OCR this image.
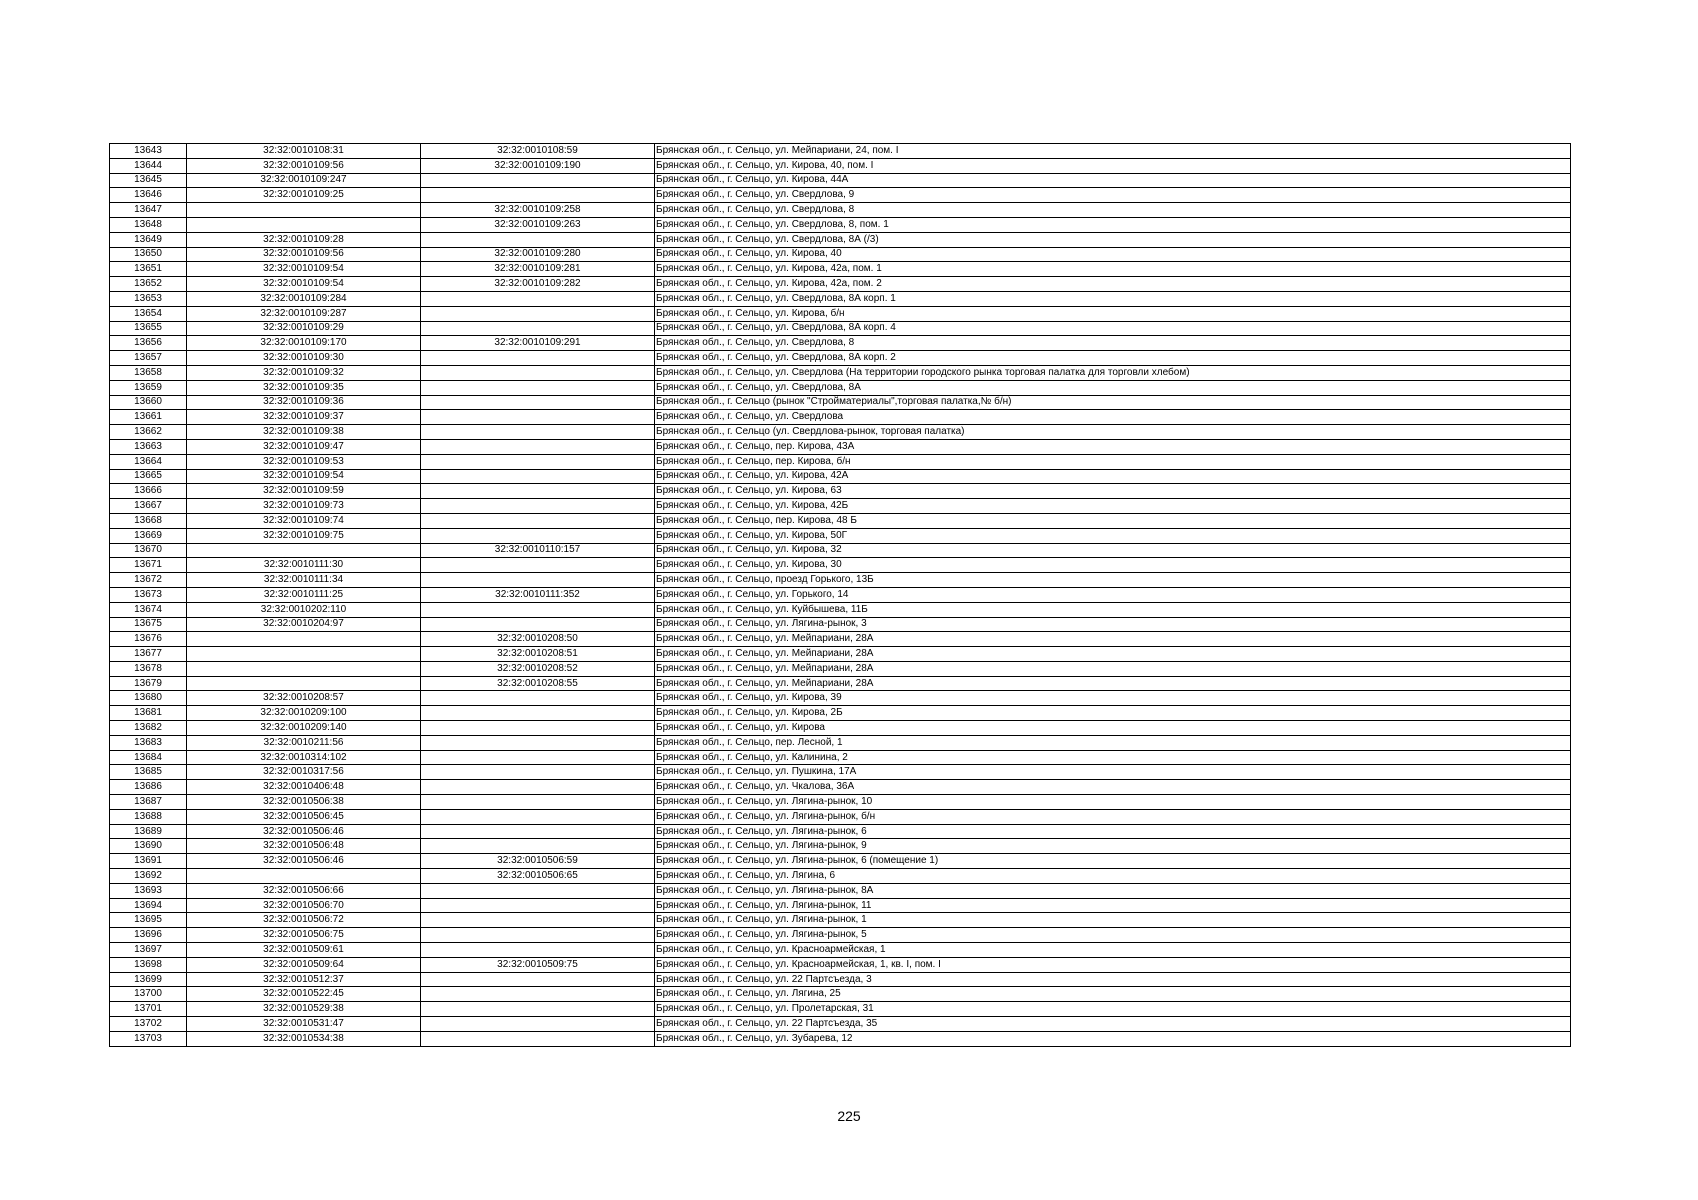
13643	32:32:0010108:31	32:32:0010108:59	Брянская обл., г. Сельцо, ул. Мейпариани, 24, пом. I
13644	32:32:0010109:56	32:32:0010109:190	Брянская обл., г. Сельцо, ул. Кирова, 40, пом. I
13645	32:32:0010109:247		Брянская обл., г. Сельцо, ул. Кирова, 44А
13646	32:32:0010109:25		Брянская обл., г. Сельцо, ул. Свердлова, 9
13647		32:32:0010109:258	Брянская обл., г. Сельцо, ул. Свердлова, 8
13648		32:32:0010109:263	Брянская обл., г. Сельцо, ул. Свердлова, 8, пом. 1
13649	32:32:0010109:28		Брянская обл., г. Сельцо, ул. Свердлова, 8А (/3)
13650	32:32:0010109:56	32:32:0010109:280	Брянская обл., г. Сельцо, ул. Кирова, 40
13651	32:32:0010109:54	32:32:0010109:281	Брянская обл., г. Сельцо, ул. Кирова, 42а, пом. 1
13652	32:32:0010109:54	32:32:0010109:282	Брянская обл., г. Сельцо, ул. Кирова, 42а, пом. 2
13653	32:32:0010109:284		Брянская обл., г. Сельцо, ул. Свердлова, 8А корп. 1
13654	32:32:0010109:287		Брянская обл., г. Сельцо, ул. Кирова, б/н
13655	32:32:0010109:29		Брянская обл., г. Сельцо, ул. Свердлова, 8А корп. 4
13656	32:32:0010109:170	32:32:0010109:291	Брянская обл., г. Сельцо, ул. Свердлова, 8
13657	32:32:0010109:30		Брянская обл., г. Сельцо, ул. Свердлова, 8А корп. 2
13658	32:32:0010109:32		Брянская обл., г. Сельцо, ул. Свердлова (На территории городского рынка торговая палатка для торговли хлебом)
13659	32:32:0010109:35		Брянская обл., г. Сельцо, ул. Свердлова, 8А
13660	32:32:0010109:36		Брянская обл., г. Сельцо (рынок "Стройматериалы",торговая палатка,№ б/н)
13661	32:32:0010109:37		Брянская обл., г. Сельцо, ул. Свердлова
13662	32:32:0010109:38		Брянская обл., г. Сельцо (ул. Свердлова-рынок, торговая палатка)
13663	32:32:0010109:47		Брянская обл., г. Сельцо, пер. Кирова, 43А
13664	32:32:0010109:53		Брянская обл., г. Сельцо, пер. Кирова, б/н
13665	32:32:0010109:54		Брянская обл., г. Сельцо, ул. Кирова, 42А
13666	32:32:0010109:59		Брянская обл., г. Сельцо, ул. Кирова, 63
13667	32:32:0010109:73		Брянская обл., г. Сельцо, ул. Кирова, 42Б
13668	32:32:0010109:74		Брянская обл., г. Сельцо, пер. Кирова, 48 Б
13669	32:32:0010109:75		Брянская обл., г. Сельцо, ул. Кирова, 50Г
13670		32:32:0010110:157	Брянская обл., г. Сельцо, ул. Кирова, 32
13671	32:32:0010111:30		Брянская обл., г. Сельцо, ул. Кирова, 30
13672	32:32:0010111:34		Брянская обл., г. Сельцо, проезд Горького, 13Б
13673	32:32:0010111:25	32:32:0010111:352	Брянская обл., г. Сельцо, ул. Горького, 14
13674	32:32:0010202:110		Брянская обл., г. Сельцо, ул. Куйбышева, 11Б
13675	32:32:0010204:97		Брянская обл., г. Сельцо, ул. Лягина-рынок, 3
13676		32:32:0010208:50	Брянская обл., г. Сельцо, ул. Мейпариани, 28А
13677		32:32:0010208:51	Брянская обл., г. Сельцо, ул. Мейпариани, 28А
13678		32:32:0010208:52	Брянская обл., г. Сельцо, ул. Мейпариани, 28А
13679		32:32:0010208:55	Брянская обл., г. Сельцо, ул. Мейпариани, 28А
13680	32:32:0010208:57		Брянская обл., г. Сельцо, ул. Кирова, 39
13681	32:32:0010209:100		Брянская обл., г. Сельцо, ул. Кирова, 2Б
13682	32:32:0010209:140		Брянская обл., г. Сельцо, ул. Кирова
13683	32:32:0010211:56		Брянская обл., г. Сельцо, пер. Лесной, 1
13684	32:32:0010314:102		Брянская обл., г. Сельцо, ул. Калинина, 2
13685	32:32:0010317:56		Брянская обл., г. Сельцо, ул. Пушкина, 17А
13686	32:32:0010406:48		Брянская обл., г. Сельцо, ул. Чкалова, 36А
13687	32:32:0010506:38		Брянская обл., г. Сельцо, ул. Лягина-рынок, 10
13688	32:32:0010506:45		Брянская обл., г. Сельцо, ул. Лягина-рынок, б/н
13689	32:32:0010506:46		Брянская обл., г. Сельцо, ул. Лягина-рынок, 6
13690	32:32:0010506:48		Брянская обл., г. Сельцо, ул. Лягина-рынок, 9
13691	32:32:0010506:46	32:32:0010506:59	Брянская обл., г. Сельцо, ул. Лягина-рынок, 6 (помещение 1)
13692		32:32:0010506:65	Брянская обл., г. Сельцо, ул. Лягина, 6
13693	32:32:0010506:66		Брянская обл., г. Сельцо, ул. Лягина-рынок, 8А
13694	32:32:0010506:70		Брянская обл., г. Сельцо, ул. Лягина-рынок, 11
13695	32:32:0010506:72		Брянская обл., г. Сельцо, ул. Лягина-рынок, 1
13696	32:32:0010506:75		Брянская обл., г. Сельцо, ул. Лягина-рынок, 5
13697	32:32:0010509:61		Брянская обл., г. Сельцо, ул. Красноармейская, 1
13698	32:32:0010509:64	32:32:0010509:75	Брянская обл., г. Сельцо, ул. Красноармейская, 1, кв. I, пом. I
13699	32:32:0010512:37		Брянская обл., г. Сельцо, ул. 22 Партсъезда, 3
13700	32:32:0010522:45		Брянская обл., г. Сельцо, ул. Лягина, 25
13701	32:32:0010529:38		Брянская обл., г. Сельцо, ул. Пролетарская, 31
13702	32:32:0010531:47		Брянская обл., г. Сельцо, ул. 22 Партсъезда, 35
13703	32:32:0010534:38		Брянская обл., г. Сельцо, ул. Зубарева, 12
225
